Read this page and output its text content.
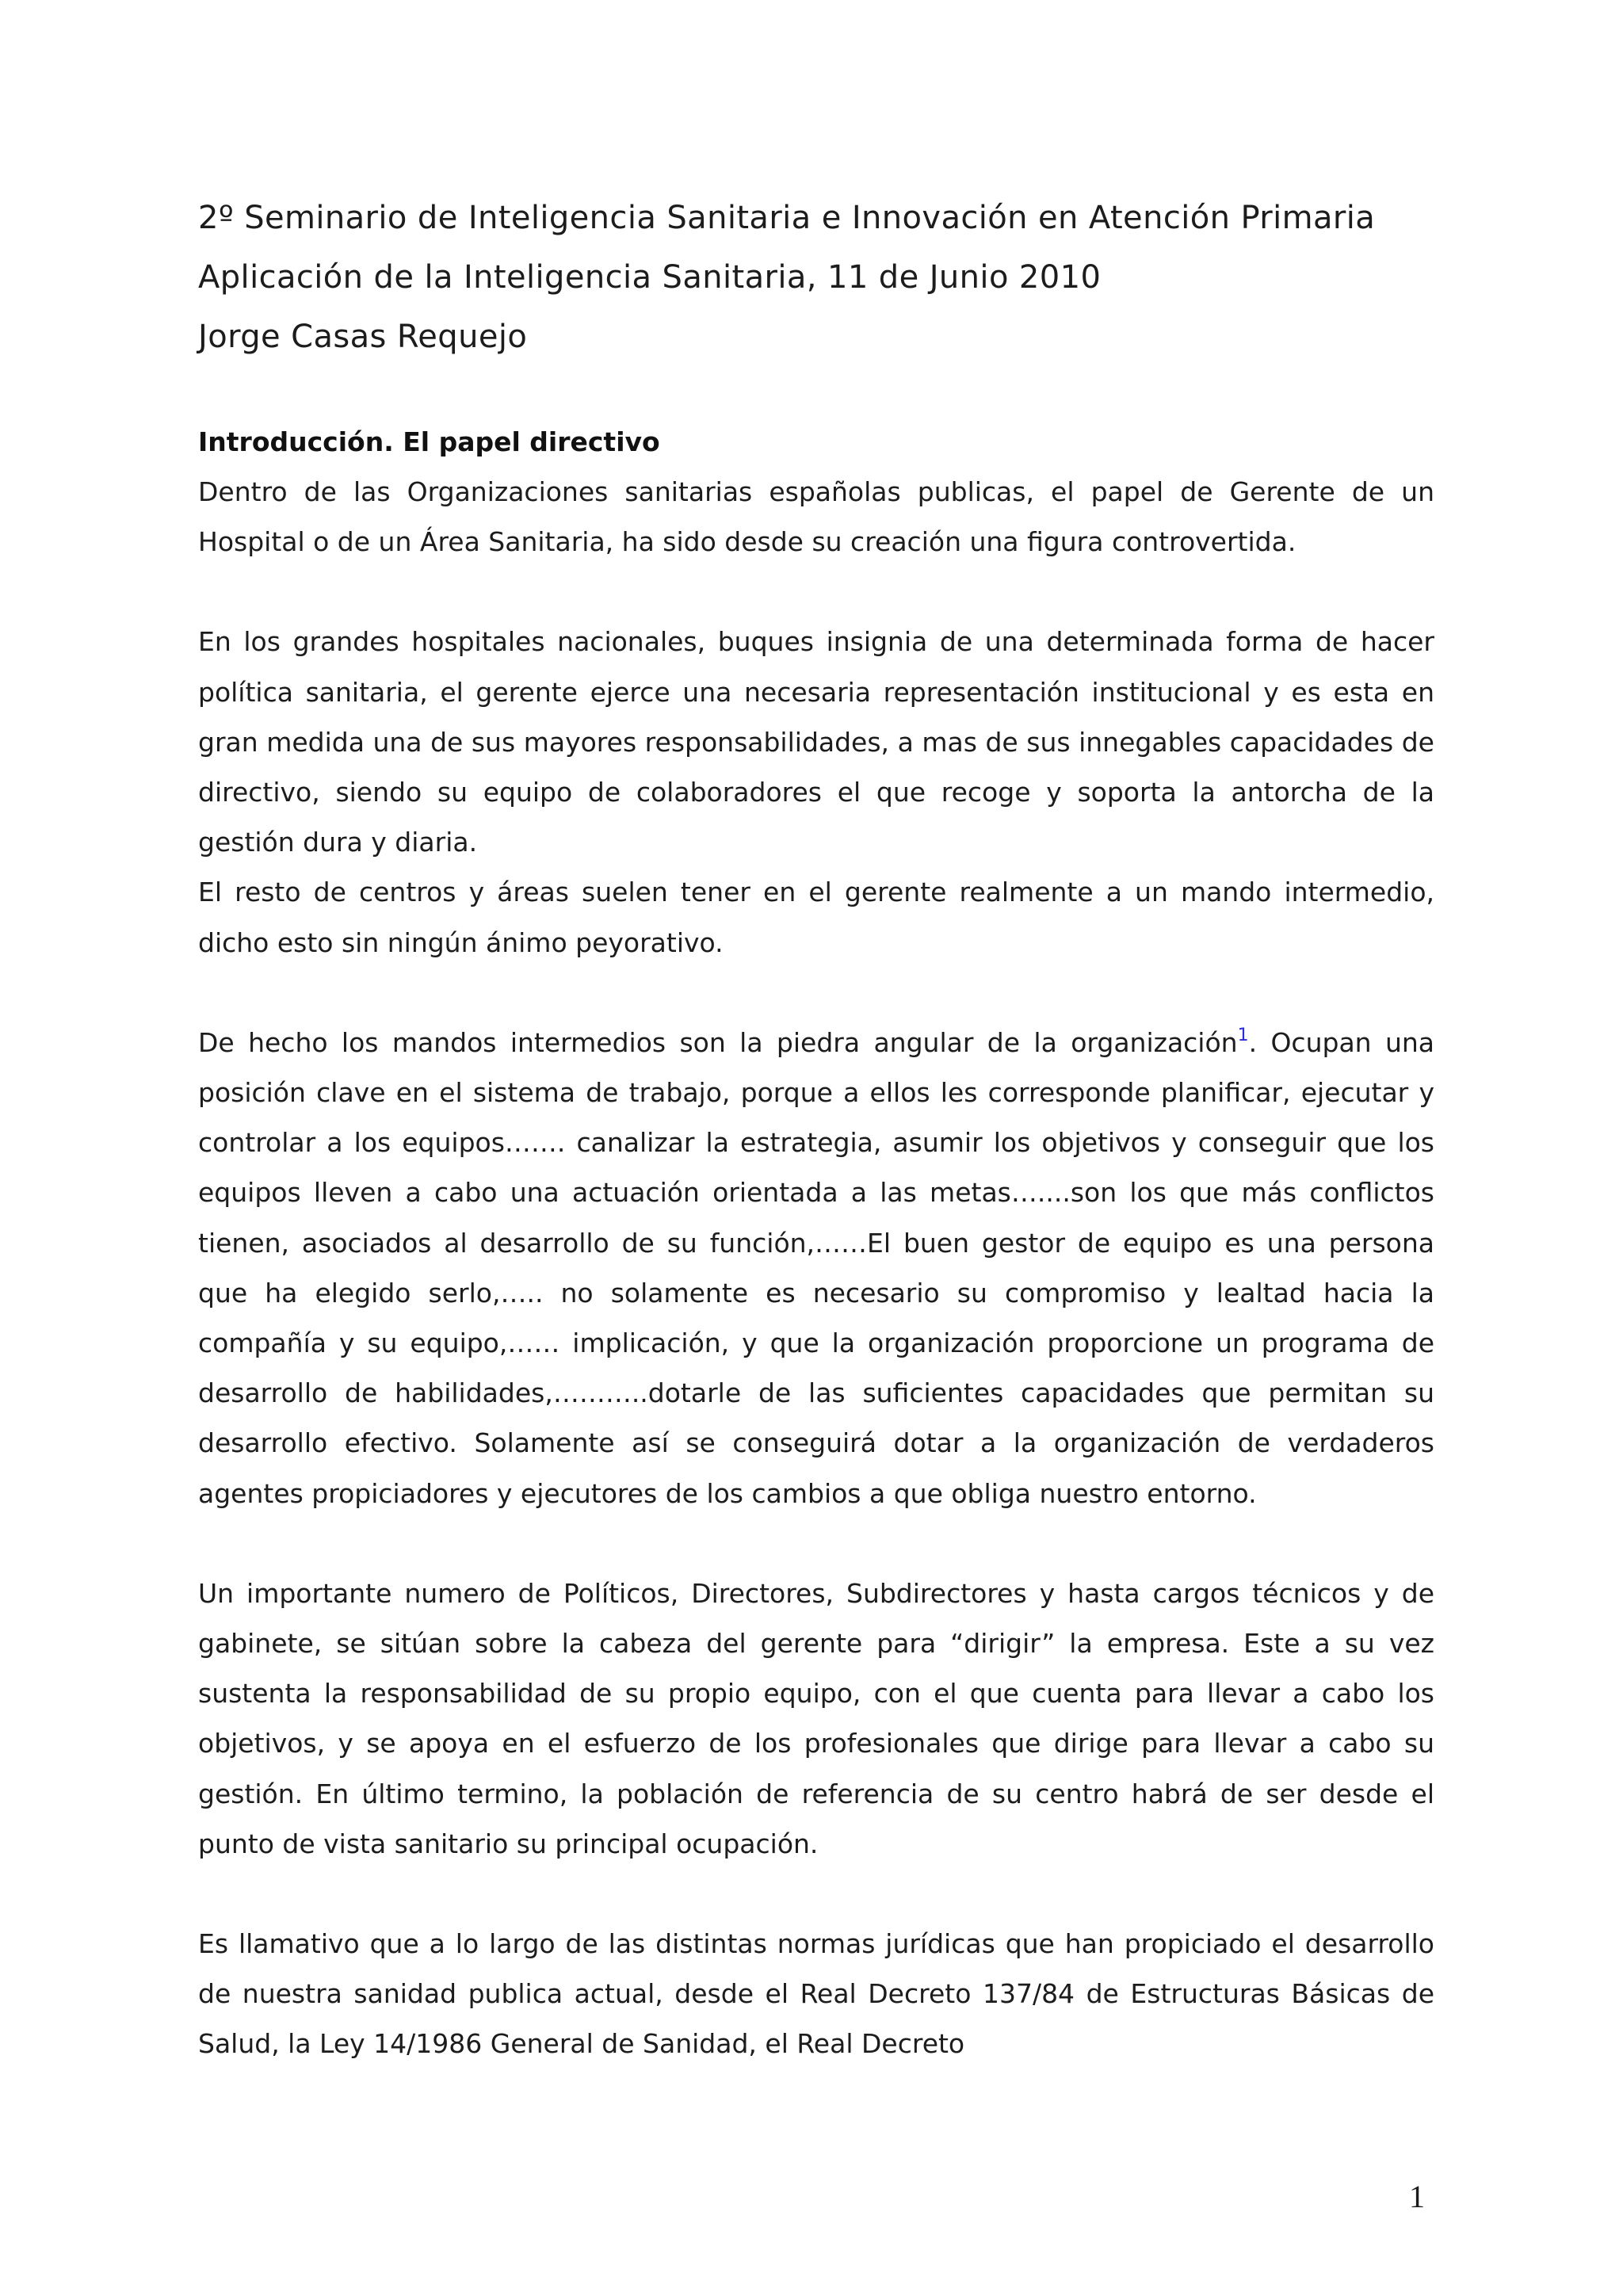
2º Seminario de Inteligencia Sanitaria e Innovación en Atención Primaria
Aplicación de la Inteligencia Sanitaria, 11 de Junio 2010
Jorge Casas Requejo
Introducción. El papel directivo

Dentro de las Organizaciones sanitarias españolas publicas, el papel de Gerente de un Hospital o de un Área Sanitaria, ha sido desde su creación una figura controvertida.

En los grandes hospitales nacionales, buques insignia de una determinada forma de hacer política sanitaria, el gerente ejerce una necesaria representación institucional y es esta en gran medida una de sus mayores responsabilidades, a mas de sus innegables capacidades de directivo, siendo su equipo de colaboradores el que recoge y soporta la antorcha de la gestión dura y diaria.

El resto de centros y áreas suelen tener en el gerente realmente a un mando intermedio, dicho esto sin ningún ánimo peyorativo.

De hecho los mandos intermedios son la piedra angular de la organización$^1$. Ocupan una posición clave en el sistema de trabajo, porque a ellos les corresponde planificar, ejecutar y controlar a los equipos……. canalizar la estrategia, asumir los objetivos y conseguir que los equipos lleven a cabo una actuación orientada a las metas…....son los que más conflictos tienen, asociados al desarrollo de su función,……El buen gestor de equipo es una persona que ha elegido serlo,….. no solamente es necesario su compromiso y lealtad hacia la compañía y su equipo,…… implicación, y que la organización proporcione un programa de desarrollo de habilidades,………..dotarle de las suficientes capacidades que permitan su desarrollo efectivo. Solamente así se conseguirá dotar a la organización de verdaderos agentes propiciadores y ejecutores de los cambios a que obliga nuestro entorno.

Un importante numero de Políticos, Directores, Subdirectores y hasta cargos técnicos y de gabinete, se sitúan sobre la cabeza del gerente para “dirigir” la empresa. Este a su vez sustenta la responsabilidad de su propio equipo, con el que cuenta para llevar a cabo los objetivos, y se apoya en el esfuerzo de los profesionales que dirige para llevar a cabo su gestión. En último termino, la población de referencia de su centro habrá de ser desde el punto de vista sanitario su principal ocupación.

Es llamativo que a lo largo de las distintas normas jurídicas que han propiciado el desarrollo de nuestra sanidad publica actual, desde el Real Decreto 137/84 de Estructuras Básicas de Salud, la Ley 14/1986 General de Sanidad, el Real Decreto

1
